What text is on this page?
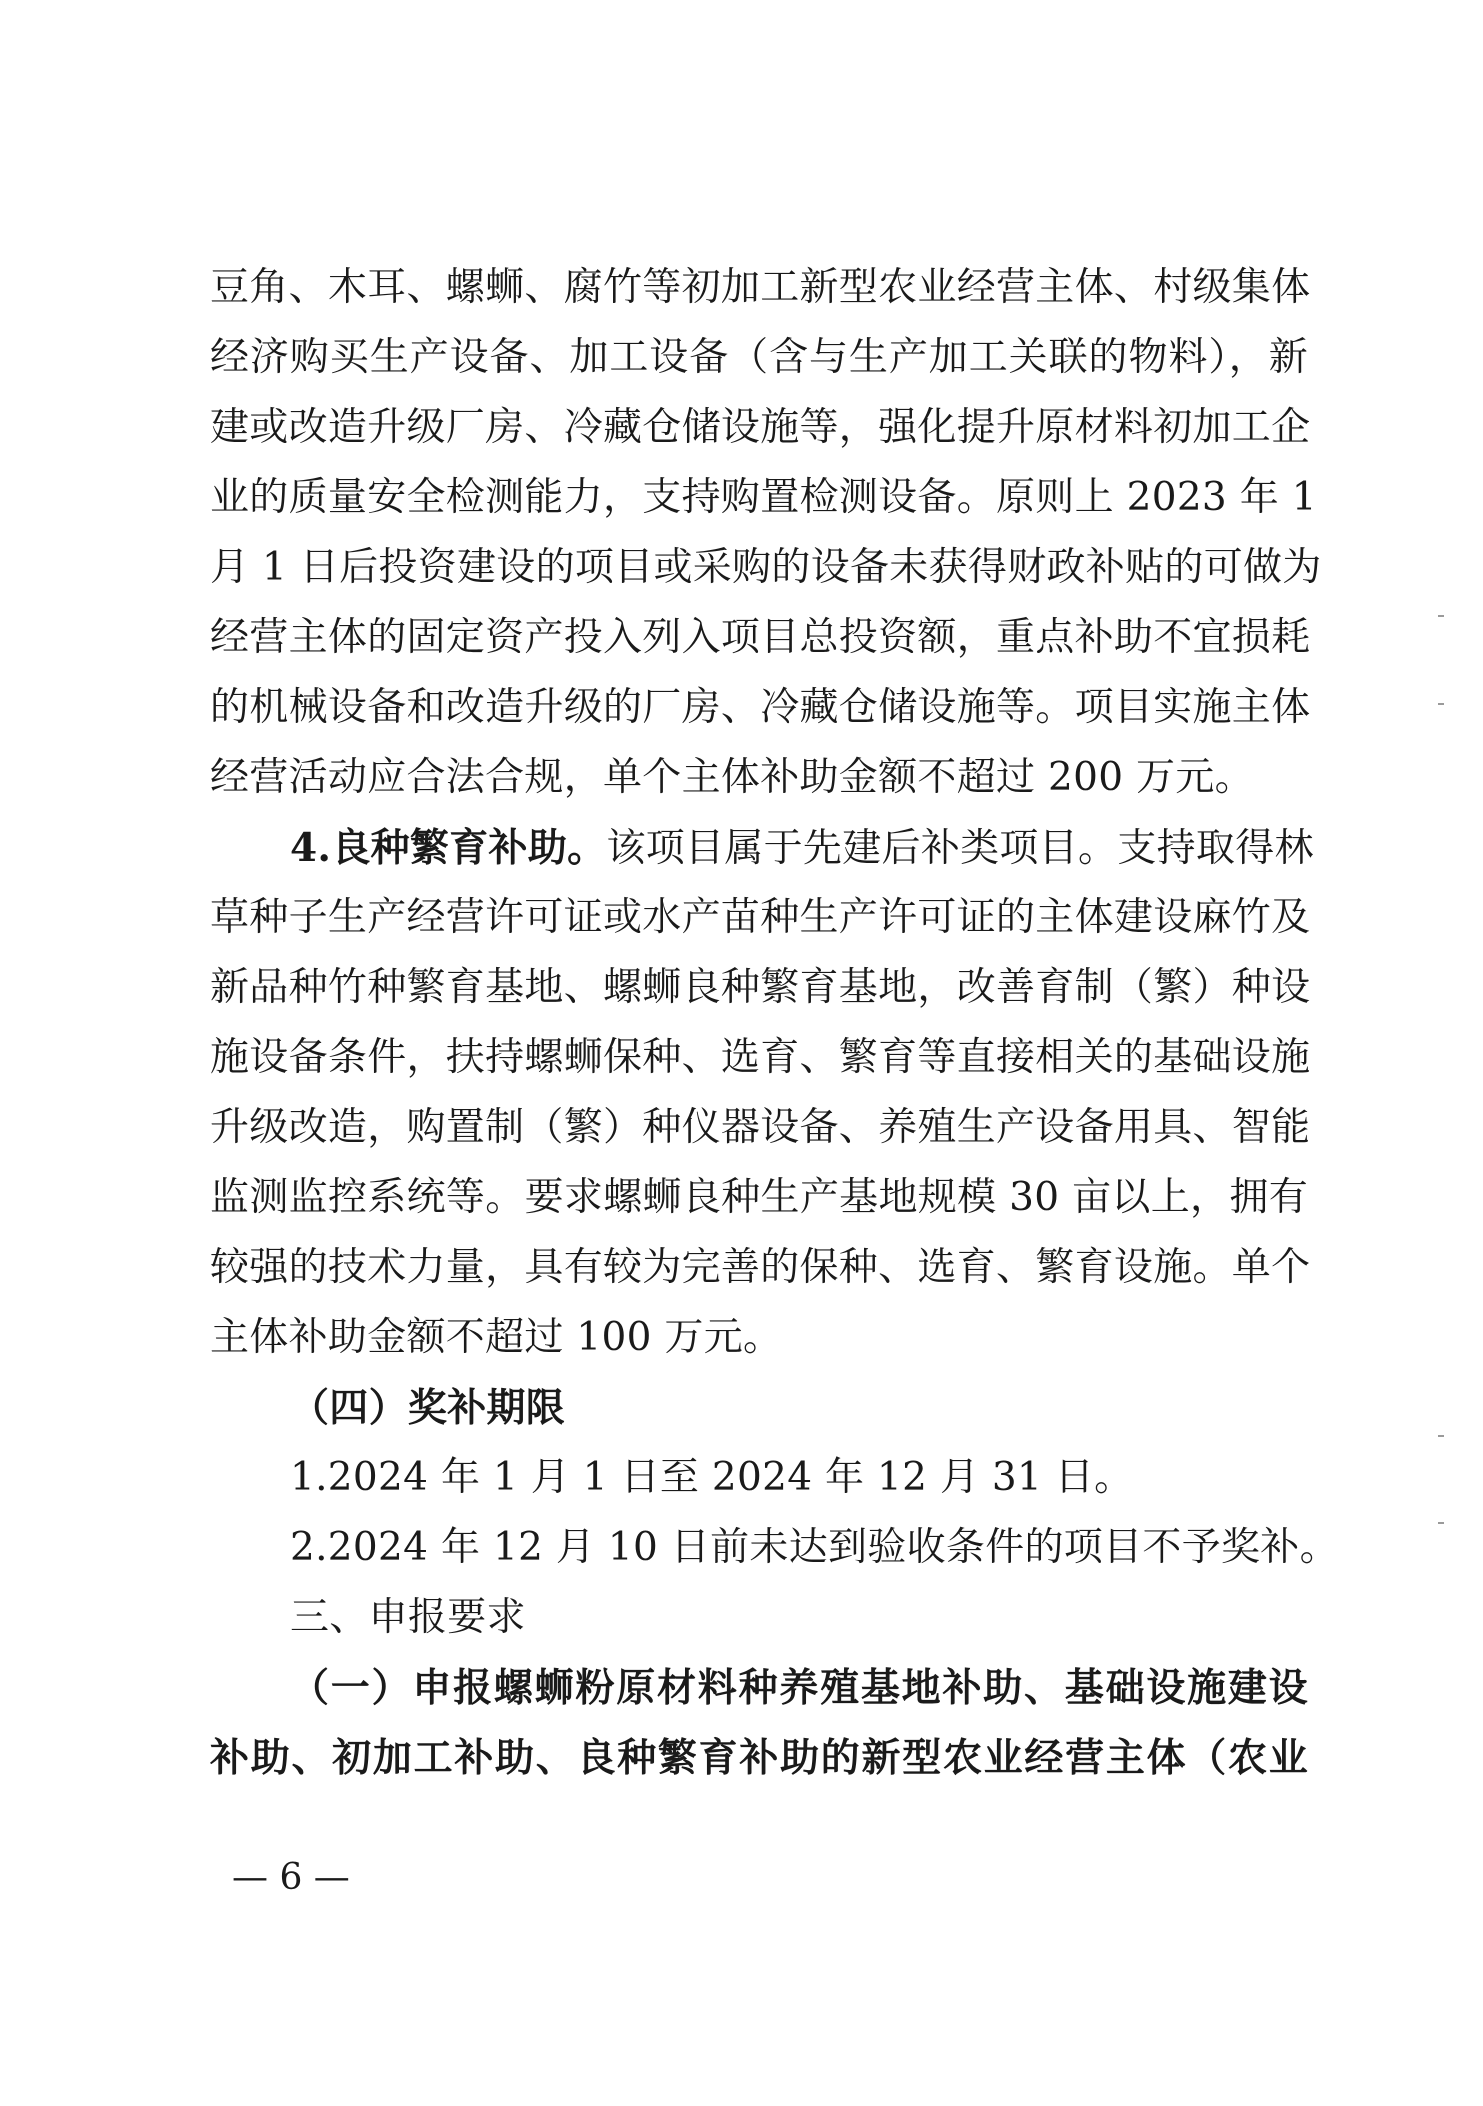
豆角、木耳、螺蛳、腐竹等初加工新型农业经营主体、村级集体
经济购买生产设备、加工设备（含与生产加工关联的物料），新
建或改造升级厂房、冷藏仓储设施等，强化提升原材料初加工企
业的质量安全检测能力，支持购置检测设备。原则上 2023 年 1
月 1 日后投资建设的项目或采购的设备未获得财政补贴的可做为
经营主体的固定资产投入列入项目总投资额，重点补助不宜损耗
的机械设备和改造升级的厂房、冷藏仓储设施等。项目实施主体
经营活动应合法合规，单个主体补助金额不超过 200 万元。
4.良种繁育补助。该项目属于先建后补类项目。支持取得林
草种子生产经营许可证或水产苗种生产许可证的主体建设麻竹及
新品种竹种繁育基地、螺蛳良种繁育基地，改善育制（繁）种设
施设备条件，扶持螺蛳保种、选育、繁育等直接相关的基础设施
升级改造，购置制（繁）种仪器设备、养殖生产设备用具、智能
监测监控系统等。要求螺蛳良种生产基地规模 30 亩以上，拥有
较强的技术力量，具有较为完善的保种、选育、繁育设施。单个
主体补助金额不超过 100 万元。
（四）奖补期限
1.2024 年 1 月 1 日至 2024 年 12 月 31 日。
2.2024 年 12 月 10 日前未达到验收条件的项目不予奖补。
三、申报要求
（一）申报螺蛳粉原材料种养殖基地补助、基础设施建设
补助、初加工补助、良种繁育补助的新型农业经营主体（农业
— 6 —
